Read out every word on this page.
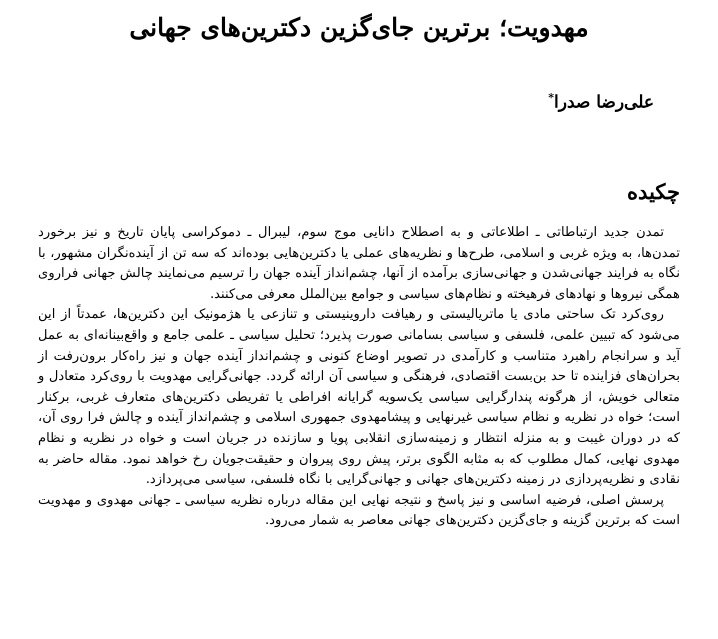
مهدویت؛ برترین جای‌گزین دکترین‌های جهانی
علی‌رضا صدرا*
چکیده

تمدن جدید ارتباطاتی ـ اطلاعاتی و به اصطلاح دانایی موج سوم، لیبرال ـ دموکراسی پایان تاریخ و نیز برخورد تمدن‌ها، به ویژه غربی و اسلامی، طرح‌ها و نظریه‌های عملی یا دکترین‌هایی بوده‌اند که سه تن از آینده‌نگران مشهور، با نگاه به فرایند جهانی‌شدن و جهانی‌سازی برآمده از آنها، چشم‌انداز آینده جهان را ترسیم می‌نمایند چالش جهانی فراروی همگی نیروها و نهادهای فرهیخته و نظام‌های سیاسی و جوامع بین‌الملل معرفی می‌کنند.

روی‌کرد تک ساحتی مادی یا ماتریالیستی و رهیافت داروینیستی و تنازعی یا هژمونیک این دکترین‌ها، عمدتاً از این می‌شود که تبیین علمی، فلسفی و سیاسی بسامانی صورت پذیرد؛ تحلیل سیاسی ـ علمی جامع و واقع‌بینانه‌ای به عمل آید و سرانجام راهبرد متناسب و کارآمدی در تصویر اوضاع کنونی و چشم‌انداز آینده جهان و نیز راه‌کار برون‌رفت از بحران‌های فزاینده تا حد بن‌بست اقتصادی، فرهنگی و سیاسی آن ارائه گردد. جهانی‌گرایی مهدویت با روی‌کرد متعادل و متعالی خویش، از هرگونه پندارگرایی سیاسی یک‌سویه گرایانه افراطی یا تفریطی دکترین‌های متعارف غربی، برکنار است؛ خواه در نظریه و نظام سیاسی غیرنهایی و پیشامهدوی جمهوری اسلامی و چشم‌انداز آینده و چالش فرا روی آن، که در دوران غیبت و به منزله انتظار و زمینه‌سازی انقلابی پویا و سازنده در جریان است و خواه در نظریه و نظام مهدوی نهایی، کمال مطلوب که به مثابه الگوی برتر، پیش روی پیروان و حقیقت‌جویان رخ خواهد نمود. مقاله حاضر به نقادی و نظریه‌پردازی در زمینه دکترین‌های جهانی و جهانی‌گرایی با نگاه فلسفی، سیاسی می‌پردازد.

پرسش اصلی، فرضیه اساسی و نیز پاسخ و نتیجه نهایی این مقاله درباره نظریه سیاسی ـ جهانی مهدوی و مهدویت است که برترین گزینه و جای‌گزین دکترین‌های جهانی معاصر به شمار می‌رود.
